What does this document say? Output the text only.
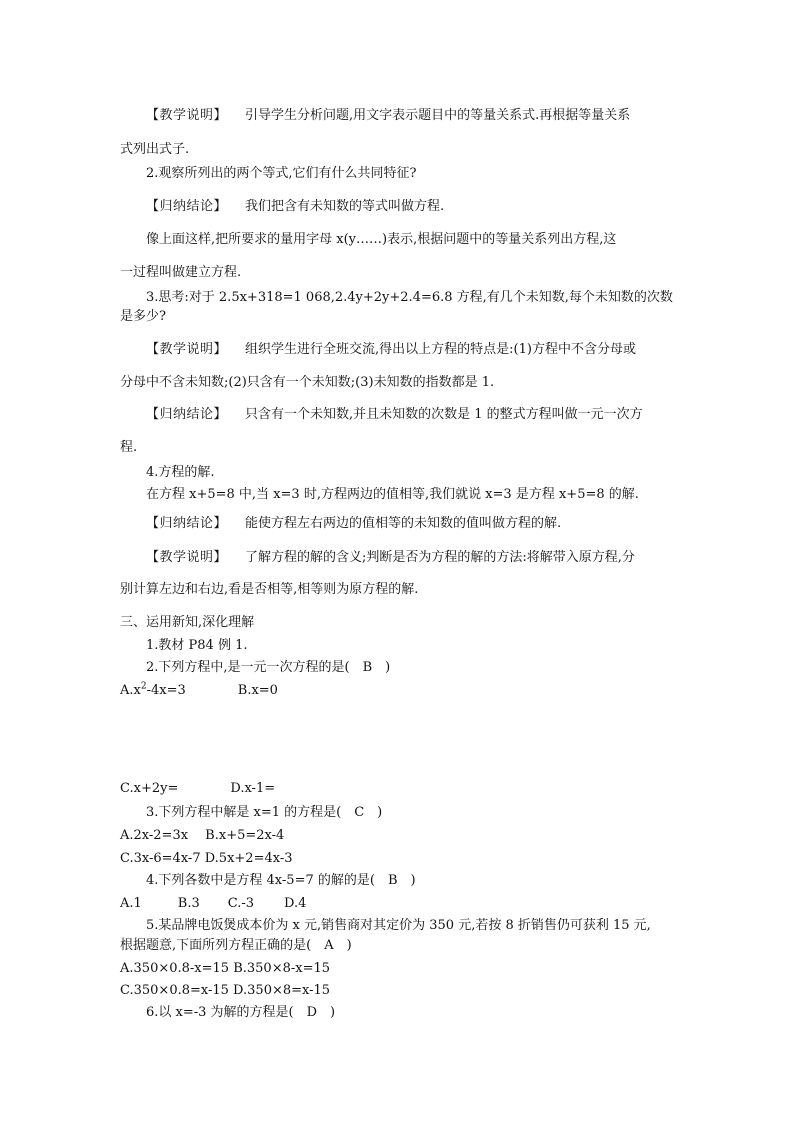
【教学说明】 引导学生分析问题,用文字表示题目中的等量关系式.再根据等量关系
式列出式子.
2.观察所列出的两个等式,它们有什么共同特征?
【归纳结论】 我们把含有未知数的等式叫做方程.
像上面这样,把所要求的量用字母 x(y……)表示,根据问题中的等量关系列出方程,这
一过程叫做建立方程.
3.思考:对于 2.5x+318=1 068,2.4y+2y+2.4=6.8 方程,有几个未知数,每个未知数的次数
是多少?
【教学说明】 组织学生进行全班交流,得出以上方程的特点是:(1)方程中不含分母或
分母中不含未知数;(2)只含有一个未知数;(3)未知数的指数都是 1.
【归纳结论】 只含有一个未知数,并且未知数的次数是 1 的整式方程叫做一元一次方
程.
4.方程的解.
在方程 x+5=8 中,当 x=3 时,方程两边的值相等,我们就说 x=3 是方程 x+5=8 的解.
【归纳结论】 能使方程左右两边的值相等的未知数的值叫做方程的解.
【教学说明】 了解方程的解的含义;判断是否为方程的解的方法:将解带入原方程,分
别计算左边和右边,看是否相等,相等则为原方程的解.
三、运用新知,深化理解
1.教材 P84 例 1.
2.下列方程中,是一元一次方程的是(　B　)
$A.x^2-4x=3$	B.x=0
C.x+2y=	D.x-1=
3.下列方程中解是 x=1 的方程是(　C　)
A.2x-2=3x　 B.x+5=2x-4
C.3x-6=4x-7 D.5x+2=4x-3
4.下列各数中是方程 4x-5=7 的解的是(　B　)
A.1	B.3 C.-3 D.4
5.某品牌电饭煲成本价为 x 元,销售商对其定价为 350 元,若按 8 折销售仍可获利 15 元,
根据题意,下面所列方程正确的是(　A　)
A.350×0.8-x=15 B.350×8-x=15
C.350×0.8=x-15 D.350×8=x-15
6.以 x=-3 为解的方程是(　D　)
